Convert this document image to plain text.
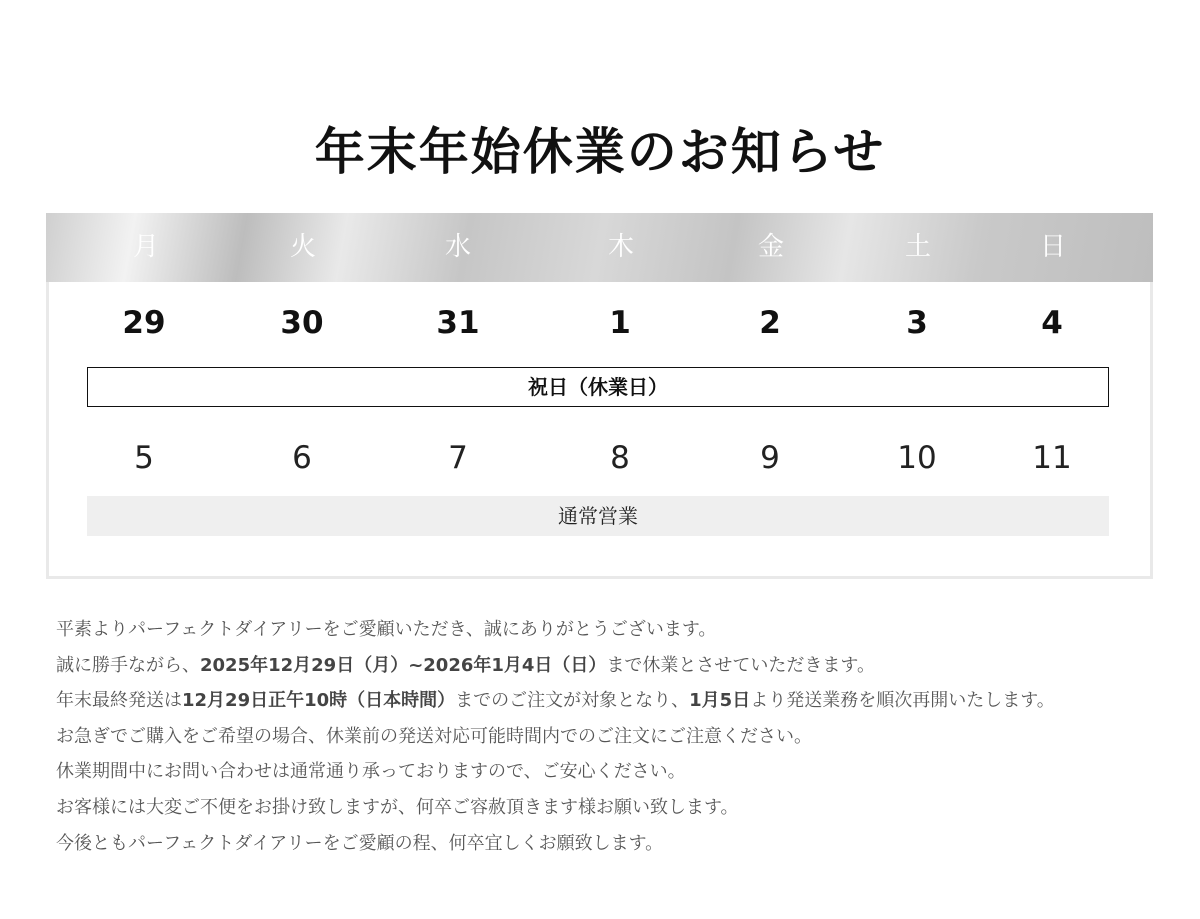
年末年始休業のお知らせ
月	火	水	木	金	土	日
29	30	31	1	2	3	4
祝日（休業日）
5	6	7	8	9	10	11
通常営業

平素よりパーフェクトダイアリーをご愛顧いただき、誠にありがとうございます。

誠に勝手ながら、2025年12月29日（月）~2026年1月4日（日）まで休業とさせていただきます。

年末最終発送は12月29日正午10時（日本時間）までのご注文が対象となり、1月5日より発送業務を順次再開いたします。

お急ぎでご購入をご希望の場合、休業前の発送対応可能時間内でのご注文にご注意ください。

休業期間中にお問い合わせは通常通り承っておりますので、ご安心ください。

お客様には大変ご不便をお掛け致しますが、何卒ご容赦頂きます様お願い致します。

今後ともパーフェクトダイアリーをご愛顧の程、何卒宜しくお願致します。
